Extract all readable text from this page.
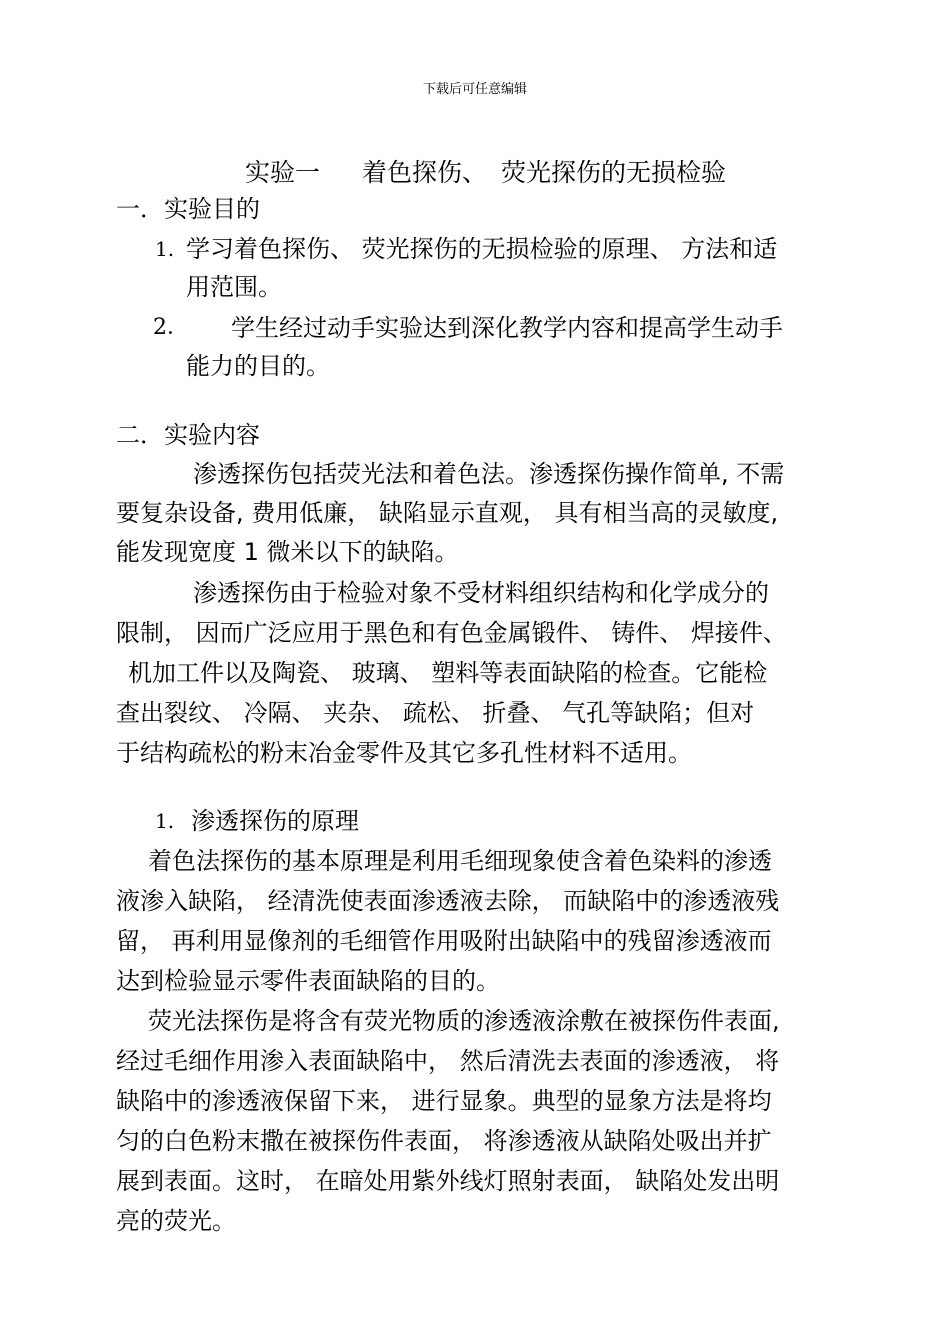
下载后可任意编辑
实验一 着色探伤、 荧光探伤的无损检验
一．实验目的
1. 学习着色探伤、 荧光探伤的无损检验的原理、 方法和适
用范围。
2． 学生经过动手实验达到深化教学内容和提高学生动手
能力的目的。
二．实验内容
渗透探伤包括荧光法和着色法。渗透探伤操作简单, 不需
要复杂设备, 费用低廉， 缺陷显示直观， 具有相当高的灵敏度,
能发现宽度 1 微米以下的缺陷。
渗透探伤由于检验对象不受材料组织结构和化学成分的
限制， 因而广泛应用于黑色和有色金属锻件、 铸件、 焊接件、
机加工件以及陶瓷、 玻璃、 塑料等表面缺陷的检查。它能检
查出裂纹、 冷隔、 夹杂、 疏松、 折叠、 气孔等缺陷；但对
于结构疏松的粉末冶金零件及其它多孔性材料不适用。
1. 渗透探伤的原理
着色法探伤的基本原理是利用毛细现象使含着色染料的渗透
液渗入缺陷， 经清洗使表面渗透液去除， 而缺陷中的渗透液残
留， 再利用显像剂的毛细管作用吸附出缺陷中的残留渗透液而
达到检验显示零件表面缺陷的目的。
荧光法探伤是将含有荧光物质的渗透液涂敷在被探伤件表面,
经过毛细作用渗入表面缺陷中， 然后清洗去表面的渗透液， 将
缺陷中的渗透液保留下来， 进行显象。典型的显象方法是将均
匀的白色粉末撒在被探伤件表面， 将渗透液从缺陷处吸出并扩
展到表面。这时， 在暗处用紫外线灯照射表面， 缺陷处发出明
亮的荧光。
